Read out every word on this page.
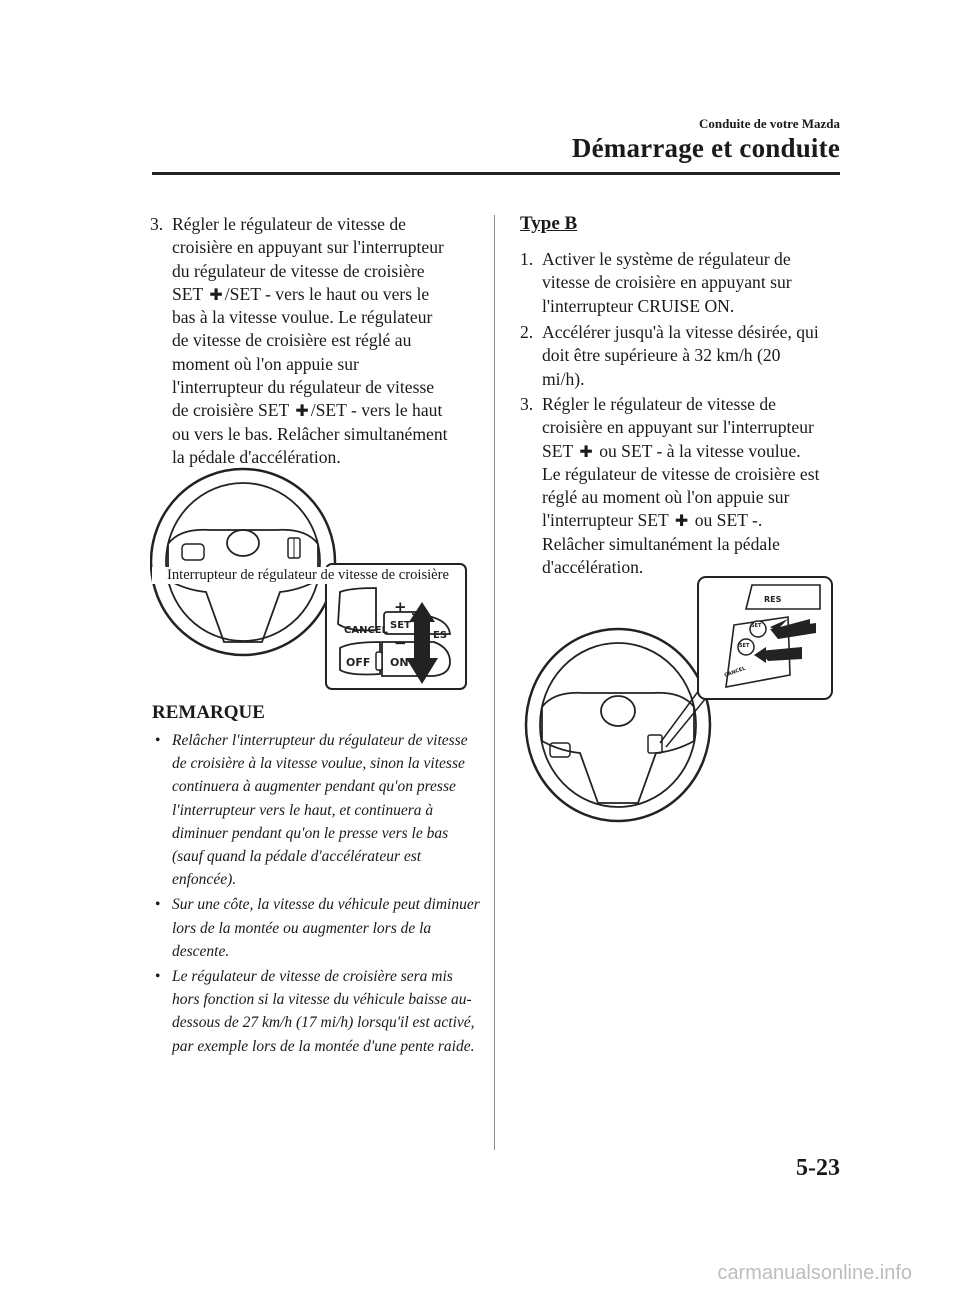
Conduite de votre Mazda
Démarrage et conduite
3. Régler le régulateur de vitesse de
croisière en appuyant sur l'interrupteur
du régulateur de vitesse de croisière
SET ✚ /SET - vers le haut ou vers le
bas à la vitesse voulue. Le régulateur
de vitesse de croisière est réglé au
moment où l'on appuie sur
l'interrupteur du régulateur de vitesse
de croisière SET ✚ /SET - vers le haut
ou vers le bas. Relâcher simultanément
la pédale d'accélération.
+
−
CANCEL SET
ES
OFF ON
Interrupteur de régulateur de vitesse de croisière
REMARQUE
• Relâcher l'interrupteur du régulateur de vitesse de croisière à la vitesse voulue, sinon la vitesse continuera à augmenter pendant qu'on presse l'interrupteur vers le haut, et continuera à diminuer pendant qu'on le presse vers le bas (sauf quand la pédale d'accélérateur est enfoncée).
• Sur une côte, la vitesse du véhicule peut diminuer lors de la montée ou augmenter lors de la descente.
• Le régulateur de vitesse de croisière sera mis hors fonction si la vitesse du véhicule baisse au-dessous de 27 km/h (17 mi/h) lorsqu'il est activé, par exemple lors de la montée d'une pente raide.
Type B
1. Activer le système de régulateur de
vitesse de croisière en appuyant sur
l'interrupteur CRUISE ON.
2. Accélérer jusqu'à la vitesse désirée, qui
doit être supérieure à 32 km/h (20
mi/h).
3. Régler le régulateur de vitesse de
croisière en appuyant sur l'interrupteur
SET ✚ ou SET - à la vitesse voulue.
Le régulateur de vitesse de croisière est
réglé au moment où l'on appuie sur
l'interrupteur SET ✚ ou SET -.
Relâcher simultanément la pédale
d'accélération.
RES
SET
SET
CANCEL
5-23
carmanualsonline.info
